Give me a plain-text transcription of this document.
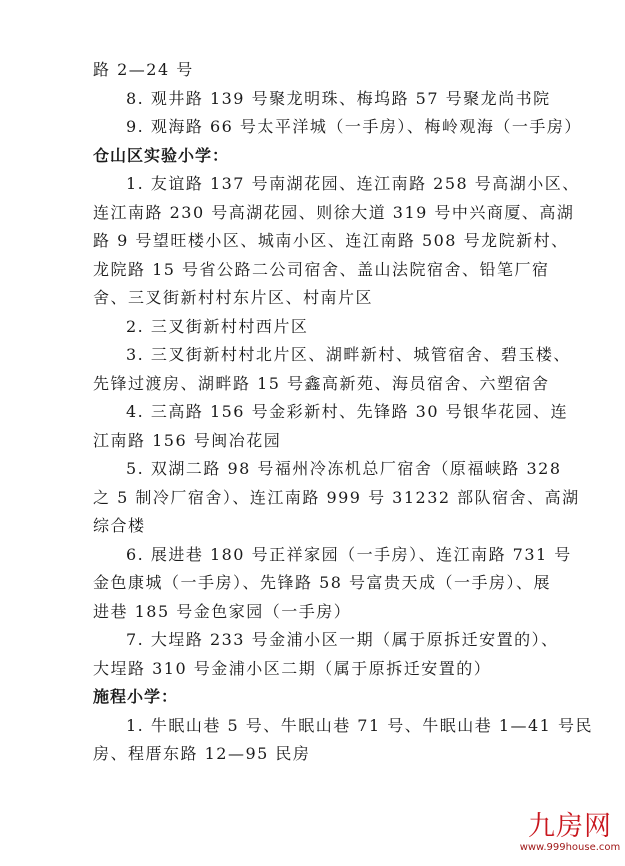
路 2—24 号
8. 观井路 139 号聚龙明珠、梅坞路 57 号聚龙尚书院
9. 观海路 66 号太平洋城（一手房）、梅岭观海（一手房）
仓山区实验小学：
1. 友谊路 137 号南湖花园、连江南路 258 号高湖小区、
连江南路 230 号高湖花园、则徐大道 319 号中兴商厦、高湖
路 9 号望旺楼小区、城南小区、连江南路 508 号龙院新村、
龙院路 15 号省公路二公司宿舍、盖山法院宿舍、铅笔厂宿
舍、三叉街新村村东片区、村南片区
2. 三叉街新村村西片区
3. 三叉街新村村北片区、湖畔新村、城管宿舍、碧玉楼、
先锋过渡房、湖畔路 15 号鑫高新苑、海员宿舍、六塑宿舍
4. 三高路 156 号金彩新村、先锋路 30 号银华花园、连
江南路 156 号闽冶花园
5. 双湖二路 98 号福州冷冻机总厂宿舍（原福峡路 328
之 5 制冷厂宿舍）、连江南路 999 号 31232 部队宿舍、高湖
综合楼
6. 展进巷 180 号正祥家园（一手房）、连江南路 731 号
金色康城（一手房）、先锋路 58 号富贵天成（一手房）、展
进巷 185 号金色家园（一手房）
7. 大埕路 233 号金浦小区一期（属于原拆迁安置的）、
大埕路 310 号金浦小区二期（属于原拆迁安置的）
施程小学：
1. 牛眠山巷 5 号、牛眠山巷 71 号、牛眠山巷 1—41 号民
房、程厝东路 12—95 民房
九房网
www.999house.com
